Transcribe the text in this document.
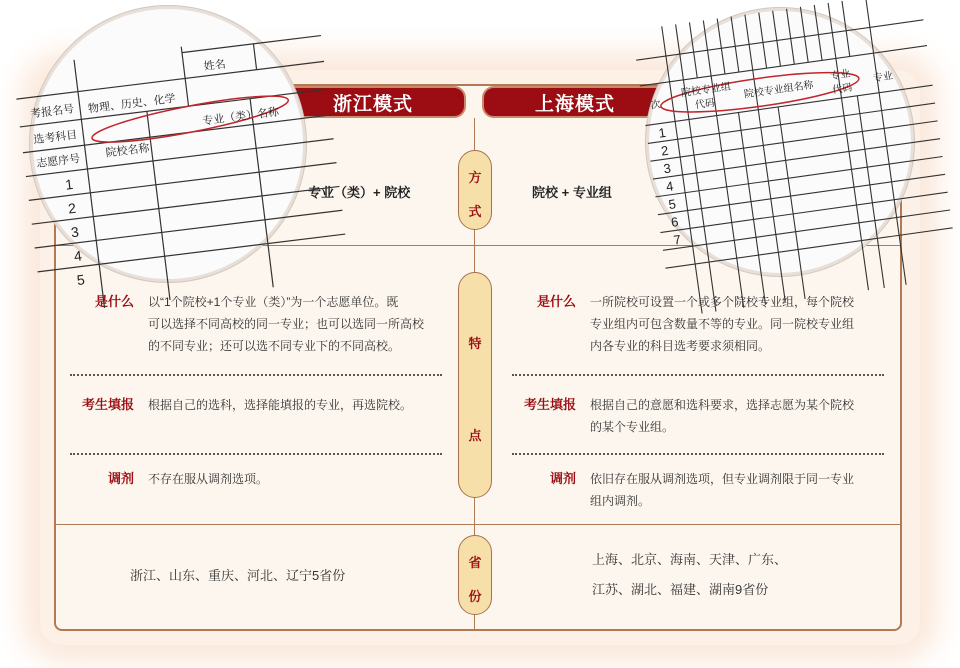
浙江模式	上海模式
方
式
特
点
省
份
专业（类）+ 院校	院校 + 专业组
是什么 以“1个院校+1个专业（类）”为一个志愿单位。既
可以选择不同高校的同一专业；也可以选同一所高校
的不同专业；还可以选不同专业下的不同高校。
考生填报 根据自己的选科，选择能填报的专业，再选院校。
调剂 不存在服从调剂选项。
是什么 一所院校可设置一个或多个院校专业组，每个院校
专业组内可包含数量不等的专业。同一院校专业组
内各专业的科目选考要求须相同。
考生填报 根据自己的意愿和选科要求，选择志愿为某个院校
的某个专业组。
调剂 依旧存在服从调剂选项，但专业调剂限于同一专业
组内调剂。
浙江、山东、重庆、河北、辽宁5省份
上海、北京、海南、天津、广东、
江苏、湖北、福建、湖南9省份
姓名
考报名号
选考科目
志愿序号
物理、历史、化学
专业（类）名称
院校名称
1
2
3
4
5
次
院校专业组
代码
院校专业组名称
专业
代码
专业
1
2
3
4
5
6
7
